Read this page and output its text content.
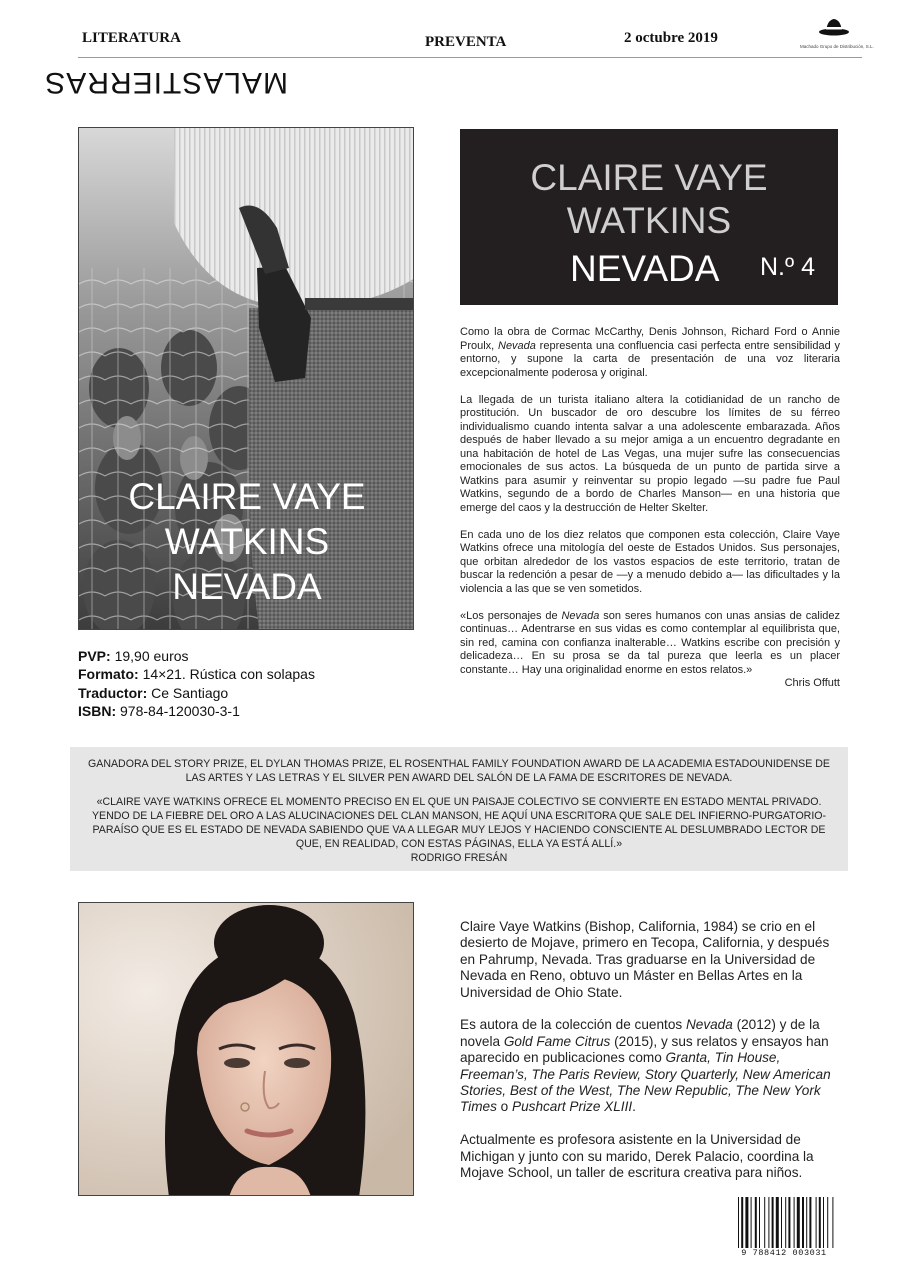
LITERATURA	PREVENTA	2 octubre 2019
Machado Grupo de Distribución, S.L.
MALASTIERRAS
CLAIRE VAYE
WATKINS
NEVADA
PVP: 19,90 euros
Formato: 14×21. Rústica con solapas
Traductor: Ce Santiago
ISBN: 978-84-120030-3-1
CLAIRE VAYE
WATKINS
NEVADA N.º 4

Como la obra de Cormac McCarthy, Denis Johnson, Richard Ford o Annie Proulx, Nevada representa una confluencia casi perfecta entre sensibilidad y entorno, y supone la carta de presentación de una voz literaria excepcionalmente poderosa y original.

La llegada de un turista italiano altera la cotidianidad de un rancho de prostitución. Un buscador de oro descubre los límites de su férreo individualismo cuando intenta salvar a una adolescente embarazada. Años después de haber llevado a su mejor amiga a un encuentro degradante en una habitación de hotel de Las Vegas, una mujer sufre las consecuencias emocionales de sus actos. La búsqueda de un punto de partida sirve a Watkins para asumir y reinventar su propio legado —su padre fue Paul Watkins, segundo de a bordo de Charles Manson— en una historia que emerge del caos y la destrucción de Helter Skelter.

En cada uno de los diez relatos que componen esta colección, Claire Vaye Watkins ofrece una mitología del oeste de Estados Unidos. Sus personajes, que orbitan alrededor de los vastos espacios de este territorio, tratan de buscar la redención a pesar de —y a menudo debido a— las dificultades y la violencia a las que se ven sometidos.

«Los personajes de Nevada son seres humanos con unas ansias de calidez continuas… Adentrarse en sus vidas es como contemplar al equilibrista que, sin red, camina con confianza inalterable… Watkins escribe con precisión y delicadeza… En su prosa se da tal pureza que leerla es un placer constante… Hay una originalidad enorme en estos relatos.»
Chris Offutt

GANADORA DEL STORY PRIZE, EL DYLAN THOMAS PRIZE, EL ROSENTHAL FAMILY FOUNDATION AWARD DE LA ACADEMIA ESTADOUNIDENSE DE LAS ARTES Y LAS LETRAS Y EL SILVER PEN AWARD DEL SALÓN DE LA FAMA DE ESCRITORES DE NEVADA.

«CLAIRE VAYE WATKINS OFRECE EL MOMENTO PRECISO EN EL QUE UN PAISAJE COLECTIVO SE CONVIERTE EN ESTADO MENTAL PRIVADO. YENDO DE LA FIEBRE DEL ORO A LAS ALUCINACIONES DEL CLAN MANSON, HE AQUÍ UNA ESCRITORA QUE SALE DEL INFIERNO-PURGATORIO-PARAÍSO QUE ES EL ESTADO DE NEVADA SABIENDO QUE VA A LLEGAR MUY LEJOS Y HACIENDO CONSCIENTE AL DESLUMBRADO LECTOR DE QUE, EN REALIDAD, CON ESTAS PÁGINAS, ELLA YA ESTÁ ALLÍ.»

RODRIGO FRESÁN

Claire Vaye Watkins (Bishop, California, 1984) se crio en el desierto de Mojave, primero en Tecopa, California, y después en Pahrump, Nevada. Tras graduarse en la Universidad de Nevada en Reno, obtuvo un Máster en Bellas Artes en la Universidad de Ohio State.

Es autora de la colección de cuentos Nevada (2012) y de la novela Gold Fame Citrus (2015), y sus relatos y ensayos han aparecido en publicaciones como Granta, Tin House, Freeman’s, The Paris Review, Story Quarterly, New American Stories, Best of the West, The New Republic, The New York Times o Pushcart Prize XLIII.

Actualmente es profesora asistente en la Universidad de Michigan y junto con su marido, Derek Palacio, coordina la Mojave School, un taller de escritura creativa para niños.

9 788412 003031
